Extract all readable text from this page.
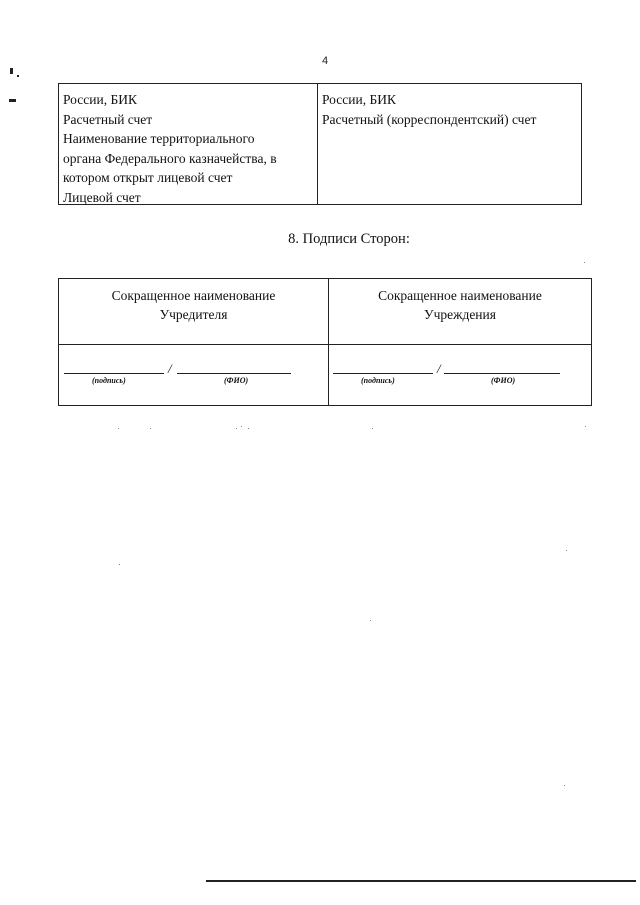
4
России, БИК
Расчетный счет
Наименование территориального
органа Федерального казначейства, в
котором открыт лицевой счет
Лицевой счет
России, БИК
Расчетный (корреспондентский) счет
8. Подписи Сторон:
Сокращенное наименование
Учредителя
Сокращенное наименование
Учреждения
/
(подпись)	(ФИО)
/
(подпись)	(ФИО)
